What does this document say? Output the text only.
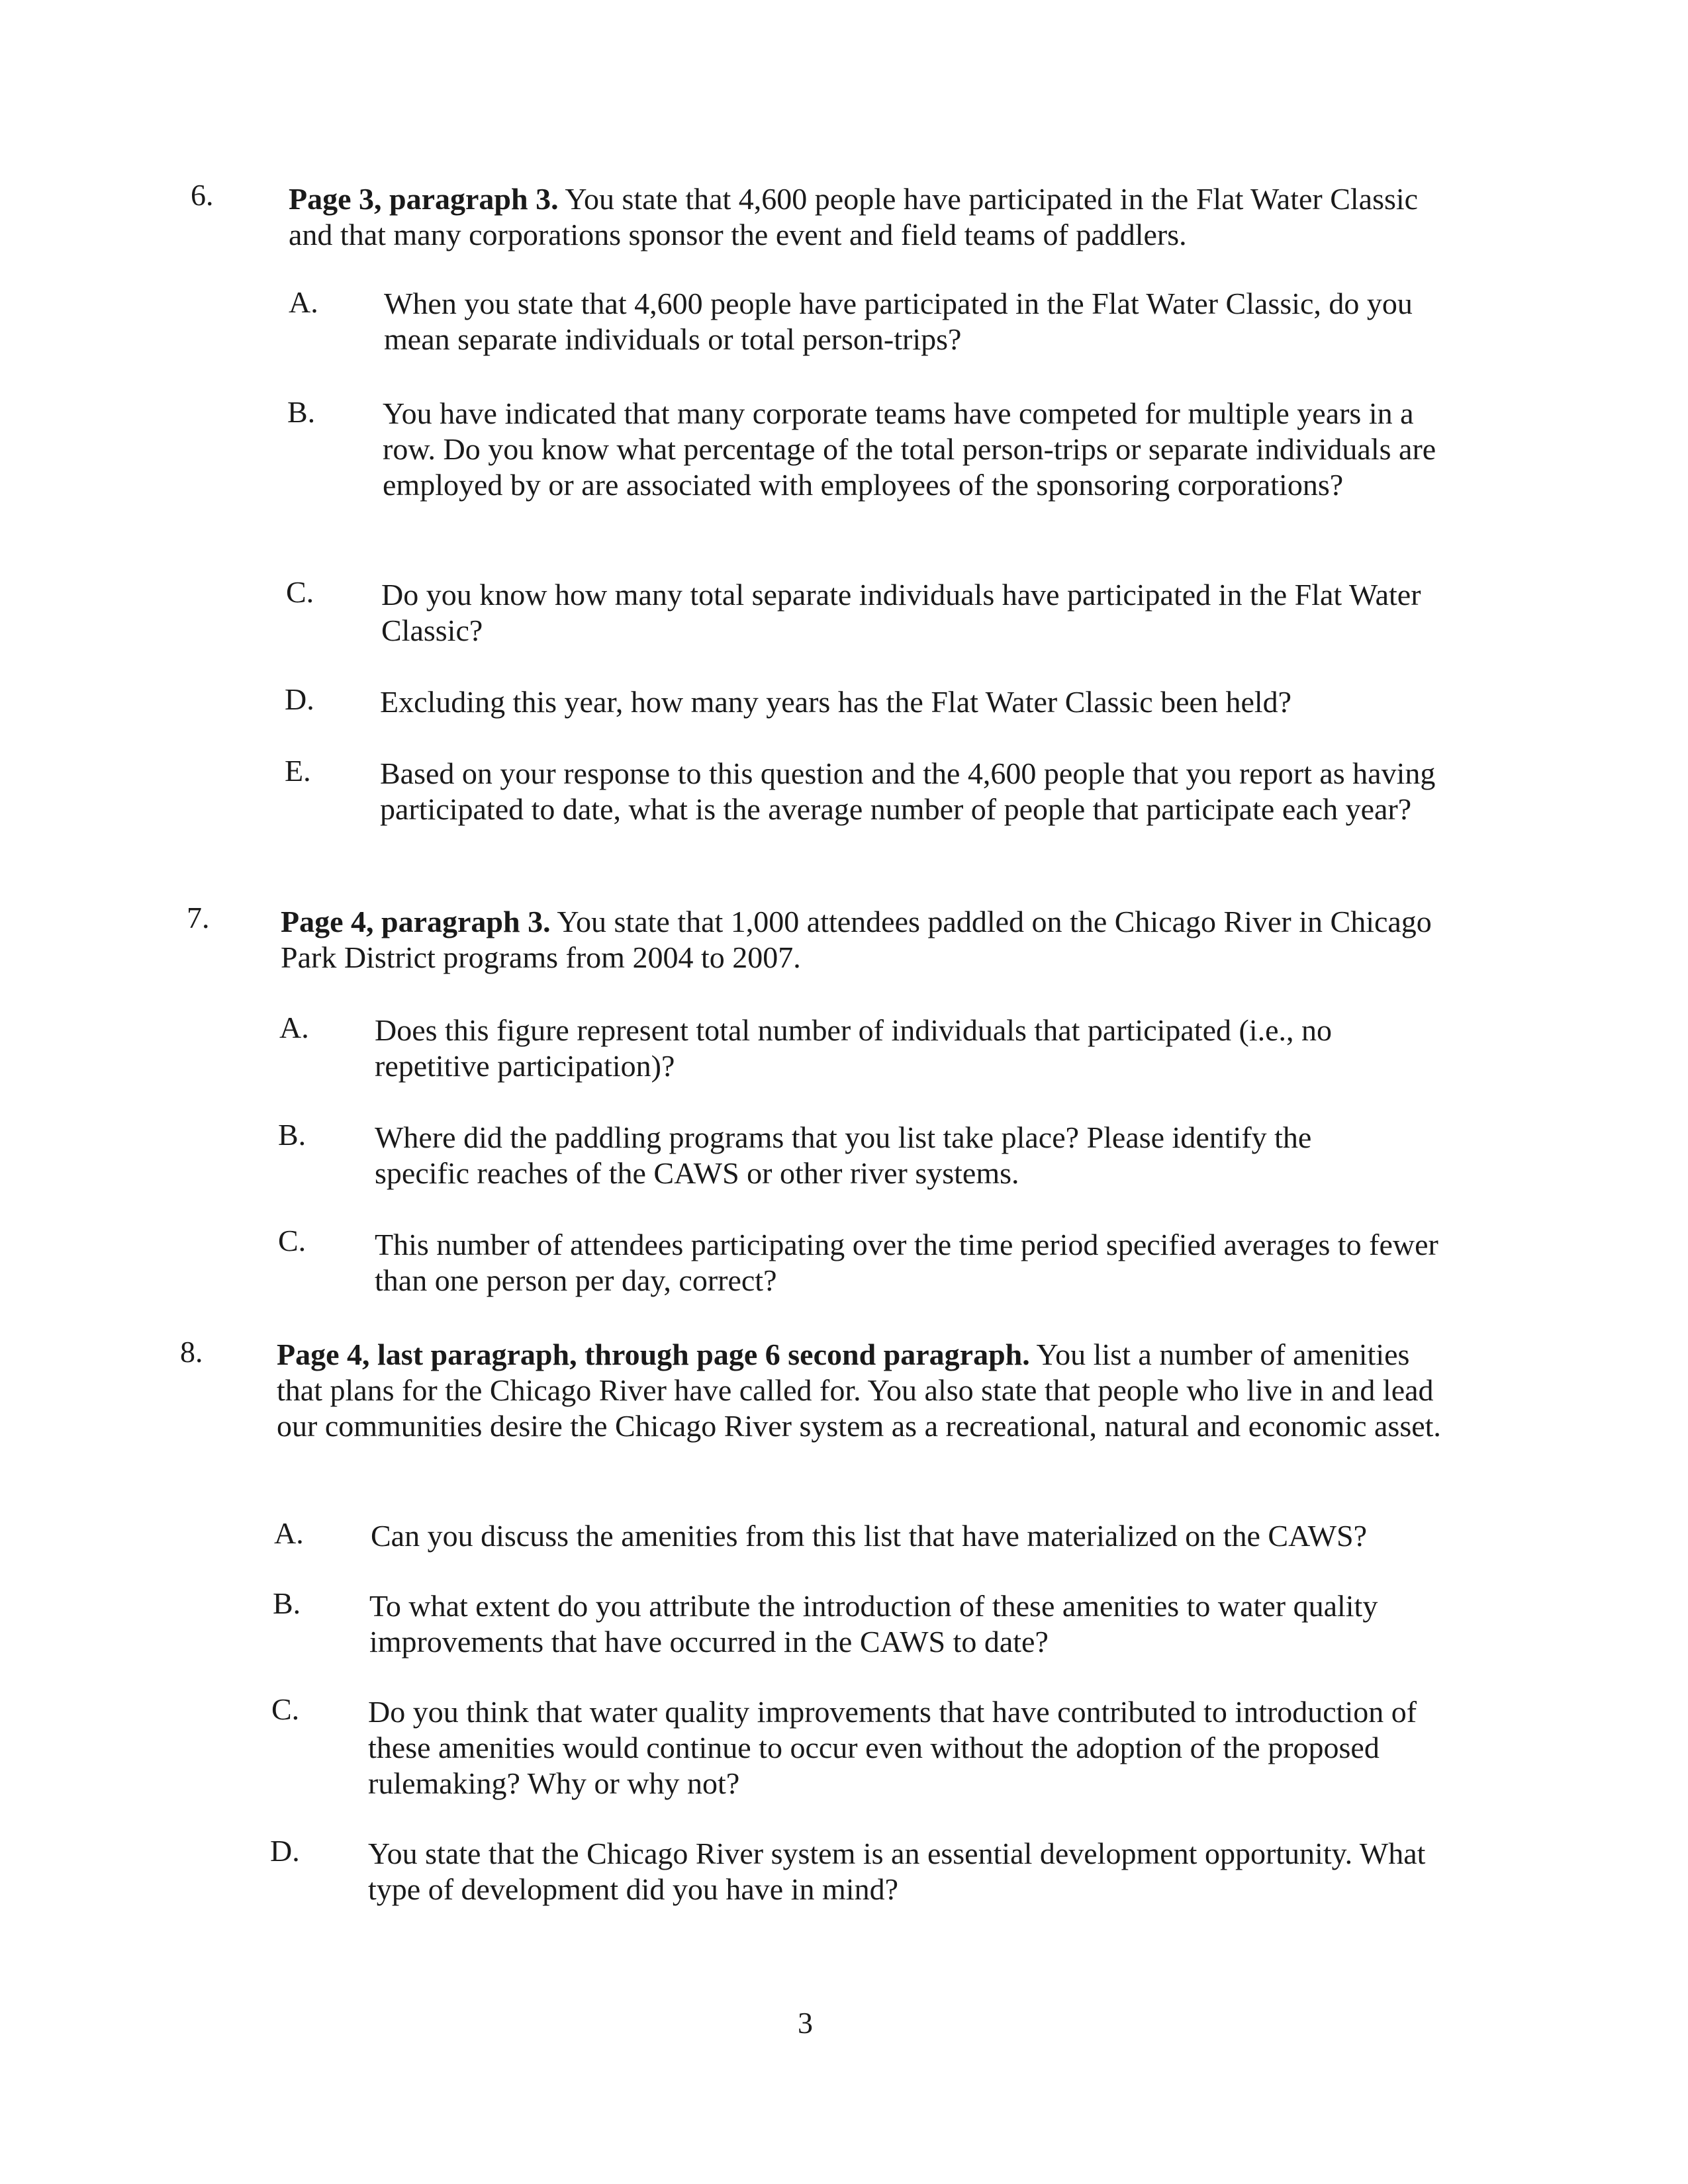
6. Page 3, paragraph 3. You state that 4,600 people have participated in the Flat Water Classic and that many corporations sponsor the event and field teams of paddlers.
A. When you state that 4,600 people have participated in the Flat Water Classic, do you mean separate individuals or total person-trips?
B. You have indicated that many corporate teams have competed for multiple years in a row. Do you know what percentage of the total person-trips or separate individuals are employed by or are associated with employees of the sponsoring corporations?
C. Do you know how many total separate individuals have participated in the Flat Water Classic?
D. Excluding this year, how many years has the Flat Water Classic been held?
E. Based on your response to this question and the 4,600 people that you report as having participated to date, what is the average number of people that participate each year?
7. Page 4, paragraph 3. You state that 1,000 attendees paddled on the Chicago River in Chicago Park District programs from 2004 to 2007.
A. Does this figure represent total number of individuals that participated (i.e., no repetitive participation)?
B. Where did the paddling programs that you list take place? Please identify the specific reaches of the CAWS or other river systems.
C. This number of attendees participating over the time period specified averages to fewer than one person per day, correct?
8. Page 4, last paragraph, through page 6 second paragraph. You list a number of amenities that plans for the Chicago River have called for. You also state that people who live in and lead our communities desire the Chicago River system as a recreational, natural and economic asset.
A. Can you discuss the amenities from this list that have materialized on the CAWS?
B. To what extent do you attribute the introduction of these amenities to water quality improvements that have occurred in the CAWS to date?
C. Do you think that water quality improvements that have contributed to introduction of these amenities would continue to occur even without the adoption of the proposed rulemaking? Why or why not?
D. You state that the Chicago River system is an essential development opportunity. What type of development did you have in mind?
3
